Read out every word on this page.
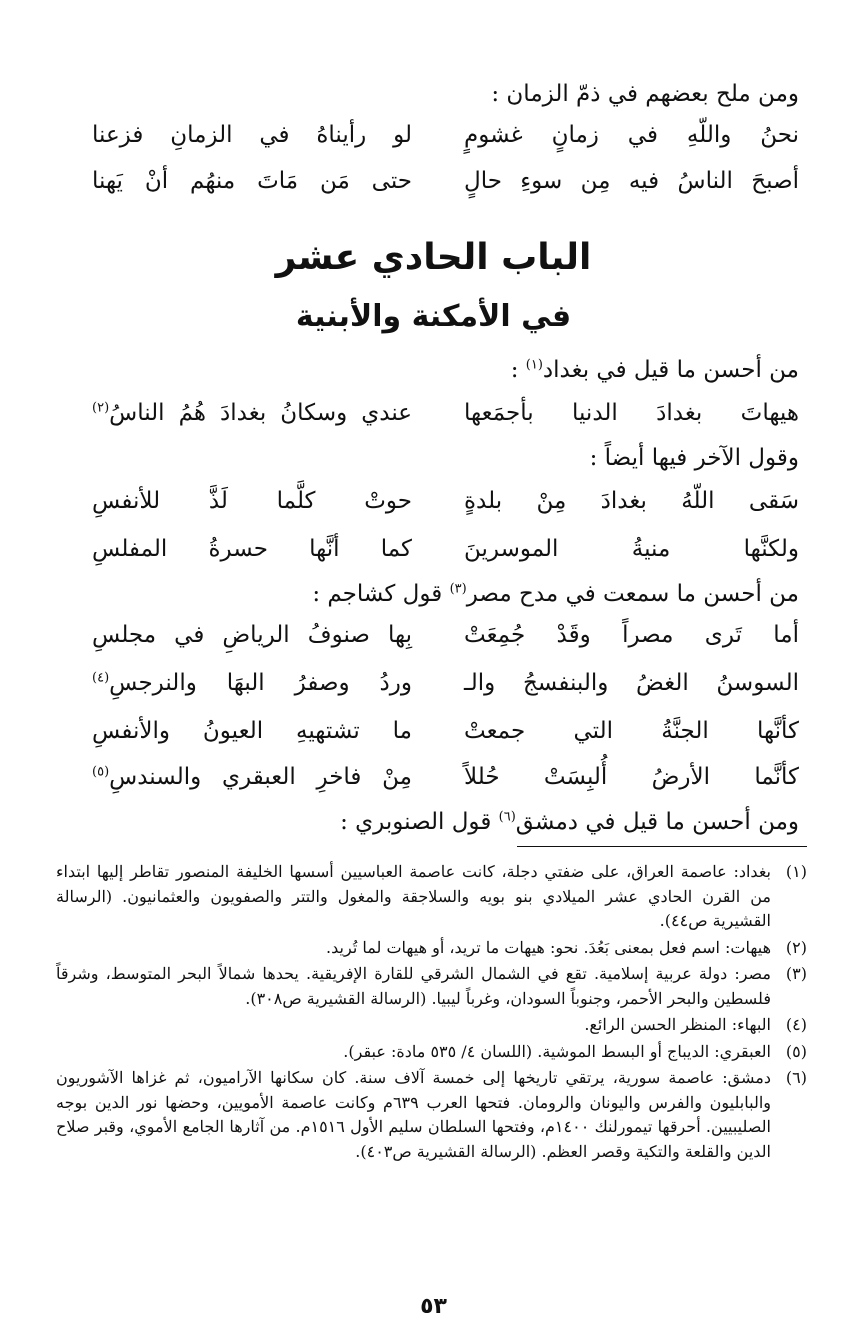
ومن ملح بعضهم في ذمّ الزمان :
نحنُ واللّهِ في زمانٍ غشومٍ
لو رأيناهُ في الزمانِ فزعنا
أصبحَ الناسُ فيه مِن سوءِ حالٍ
حتى مَن مَاتَ منهُم أنْ يَهنا
الباب الحادي عشر
في الأمكنة والأبنية
من أحسن ما قيل في بغداد$^{(١)}$ :
هيهاتَ بغدادَ الدنيا بأجمَعها
عندي وسكانُ بغدادَ هُمُ الناسُ$^{(٢)}$
وقول الآخر فيها أيضاً :
سَقى اللّهُ بغدادَ مِنْ بلدةٍ
حوتْ كلَّما لَذَّ للأنفسِ
ولكنَّها منيةُ الموسرينَ
كما أنَّها حسرةُ المفلسِ
من أحسن ما سمعت في مدح مصر$^{(٣)}$ قول كشاجم :
أما تَرى مصراً وقَدْ جُمِعَتْ
بِها صنوفُ الرياضِ في مجلسِ
السوسنُ الغضُ والبنفسجُ والـ
وردُ وصفرُ البهَا والنرجسِ$^{(٤)}$
كأنَّها الجنَّةُ التي جمعتْ
ما تشتهيهِ العيونُ والأنفسِ
كأنَّما الأرضُ أُلبِسَتْ حُللاً
مِنْ فاخرِ العبقري والسندسِ$^{(٥)}$
ومن أحسن ما قيل في دمشق$^{(٦)}$ قول الصنوبري :
(١)
بغداد: عاصمة العراق، على ضفتي دجلة، كانت عاصمة العباسيين أسسها الخليفة المنصور تقاطر إليها ابتداء من القرن الحادي عشر الميلادي بنو بويه والسلاجقة والمغول والتتر والصفويون والعثمانيون. (الرسالة القشيرية ص٤٤).
(٢)
هيهات: اسم فعل بمعنى بَعُدَ. نحو: هيهات ما تريد، أو هيهات لما تُريد.
(٣)
مصر: دولة عربية إسلامية. تقع في الشمال الشرقي للقارة الإفريقية. يحدها شمالاً البحر المتوسط، وشرقاً فلسطين والبحر الأحمر، وجنوباً السودان، وغرباً ليبيا. (الرسالة القشيرية ص٣٠٨).
(٤)
البهاء: المنظر الحسن الرائع.
(٥)
العبقري: الديباج أو البسط الموشية. (اللسان ٤/ ٥٣٥ مادة: عبقر).
(٦)
دمشق: عاصمة سورية، يرتقي تاريخها إلى خمسة آلاف سنة. كان سكانها الآراميون، ثم غزاها الآشوريون والبابليون والفرس واليونان والرومان. فتحها العرب ٦٣٩م وكانت عاصمة الأمويين، وحضها نور الدين بوجه الصليبيين. أحرقها تيمورلنك ١٤٠٠م، وفتحها السلطان سليم الأول ١٥١٦م. من آثارها الجامع الأموي، وقبر صلاح الدين والقلعة والتكية وقصر العظم. (الرسالة القشيرية ص٤٠٣).
٥٣
